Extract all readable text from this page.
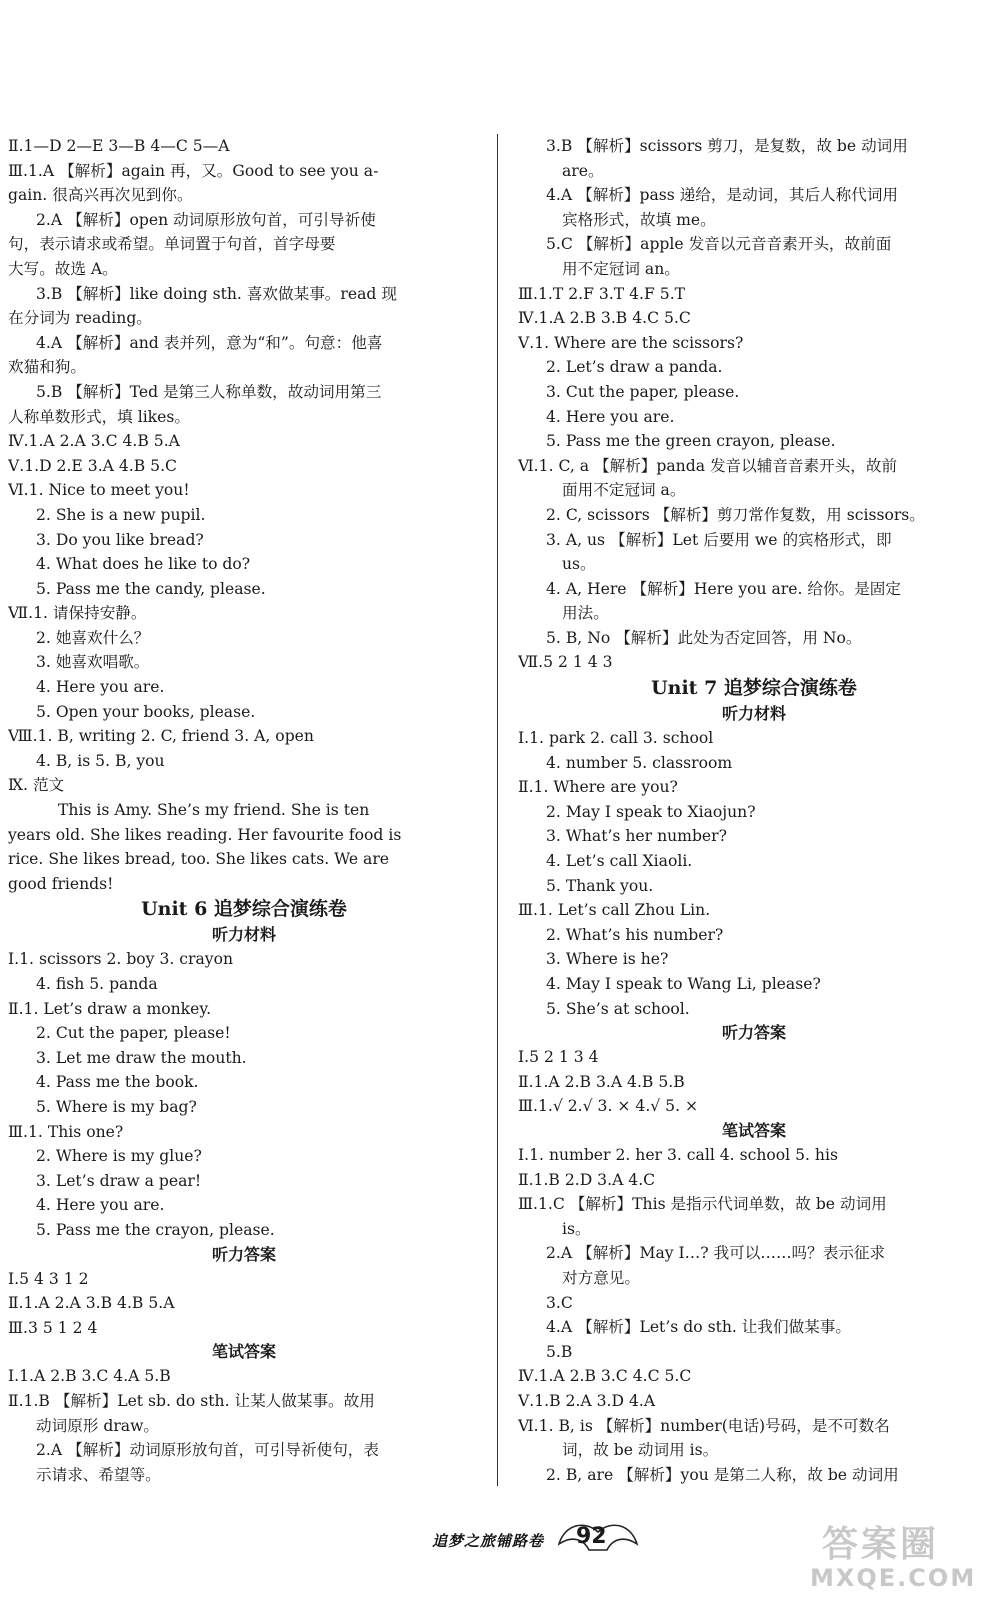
Ⅱ.1—D 2—E 3—B 4—C 5—A
Ⅲ.1.A 【解析】again 再，又。Good to see you a-
gain. 很高兴再次见到你。
2.A 【解析】open 动词原形放句首，可引导祈使
句，表示请求或希望。单词置于句首，首字母要
大写。故选 A。
3.B 【解析】like doing sth. 喜欢做某事。read 现
在分词为 reading。
4.A 【解析】and 表并列，意为“和”。句意：他喜
欢猫和狗。
5.B 【解析】Ted 是第三人称单数，故动词用第三
人称单数形式，填 likes。
Ⅳ.1.A 2.A 3.C 4.B 5.A
Ⅴ.1.D 2.E 3.A 4.B 5.C
Ⅵ.1. Nice to meet you!
2. She is a new pupil.
3. Do you like bread?
4. What does he like to do?
5. Pass me the candy, please.
Ⅶ.1. 请保持安静。
2. 她喜欢什么？
3. 她喜欢唱歌。
4. Here you are.
5. Open your books, please.
Ⅷ.1. B, writing 2. C, friend 3. A, open
4. B, is 5. B, you
Ⅸ. 范文
This is Amy. She’s my friend. She is ten
years old. She likes reading. Her favourite food is
rice. She likes bread, too. She likes cats. We are
good friends!
Unit 6 追梦综合演练卷
听力材料
Ⅰ.1. scissors 2. boy 3. crayon
4. fish 5. panda
Ⅱ.1. Let’s draw a monkey.
2. Cut the paper, please!
3. Let me draw the mouth.
4. Pass me the book.
5. Where is my bag?
Ⅲ.1. This one?
2. Where is my glue?
3. Let’s draw a pear!
4. Here you are.
5. Pass me the crayon, please.
听力答案
Ⅰ.5 4 3 1 2
Ⅱ.1.A 2.A 3.B 4.B 5.A
Ⅲ.3 5 1 2 4
笔试答案
Ⅰ.1.A 2.B 3.C 4.A 5.B
Ⅱ.1.B 【解析】Let sb. do sth. 让某人做某事。故用
动词原形 draw。
2.A 【解析】动词原形放句首，可引导祈使句，表
示请求、希望等。
3.B 【解析】scissors 剪刀，是复数，故 be 动词用
are。
4.A 【解析】pass 递给，是动词，其后人称代词用
宾格形式，故填 me。
5.C 【解析】apple 发音以元音音素开头，故前面
用不定冠词 an。
Ⅲ.1.T 2.F 3.T 4.F 5.T
Ⅳ.1.A 2.B 3.B 4.C 5.C
Ⅴ.1. Where are the scissors?
2. Let’s draw a panda.
3. Cut the paper, please.
4. Here you are.
5. Pass me the green crayon, please.
Ⅵ.1. C, a 【解析】panda 发音以辅音音素开头，故前
面用不定冠词 a。
2. C, scissors 【解析】剪刀常作复数，用 scissors。
3. A, us 【解析】Let 后要用 we 的宾格形式，即
us。
4. A, Here 【解析】Here you are. 给你。是固定
用法。
5. B, No 【解析】此处为否定回答，用 No。
Ⅶ.5 2 1 4 3
Unit 7 追梦综合演练卷
听力材料
Ⅰ.1. park 2. call 3. school
4. number 5. classroom
Ⅱ.1. Where are you?
2. May I speak to Xiaojun?
3. What’s her number?
4. Let’s call Xiaoli.
5. Thank you.
Ⅲ.1. Let’s call Zhou Lin.
2. What’s his number?
3. Where is he?
4. May I speak to Wang Li, please?
5. She’s at school.
听力答案
Ⅰ.5 2 1 3 4
Ⅱ.1.A 2.B 3.A 4.B 5.B
Ⅲ.1.√ 2.√ 3. × 4.√ 5. ×
笔试答案
Ⅰ.1. number 2. her 3. call 4. school 5. his
Ⅱ.1.B 2.D 3.A 4.C
Ⅲ.1.C 【解析】This 是指示代词单数，故 be 动词用
is。
2.A 【解析】May I…? 我可以……吗？表示征求
对方意见。
3.C
4.A 【解析】Let’s do sth. 让我们做某事。
5.B
Ⅳ.1.A 2.B 3.C 4.C 5.C
Ⅴ.1.B 2.A 3.D 4.A
Ⅵ.1. B, is 【解析】number(电话)号码，是不可数名
词，故 be 动词用 is。
2. B, are 【解析】you 是第二人称，故 be 动词用
追梦之旅铺路卷 92	答案圈
MXQE.COM
